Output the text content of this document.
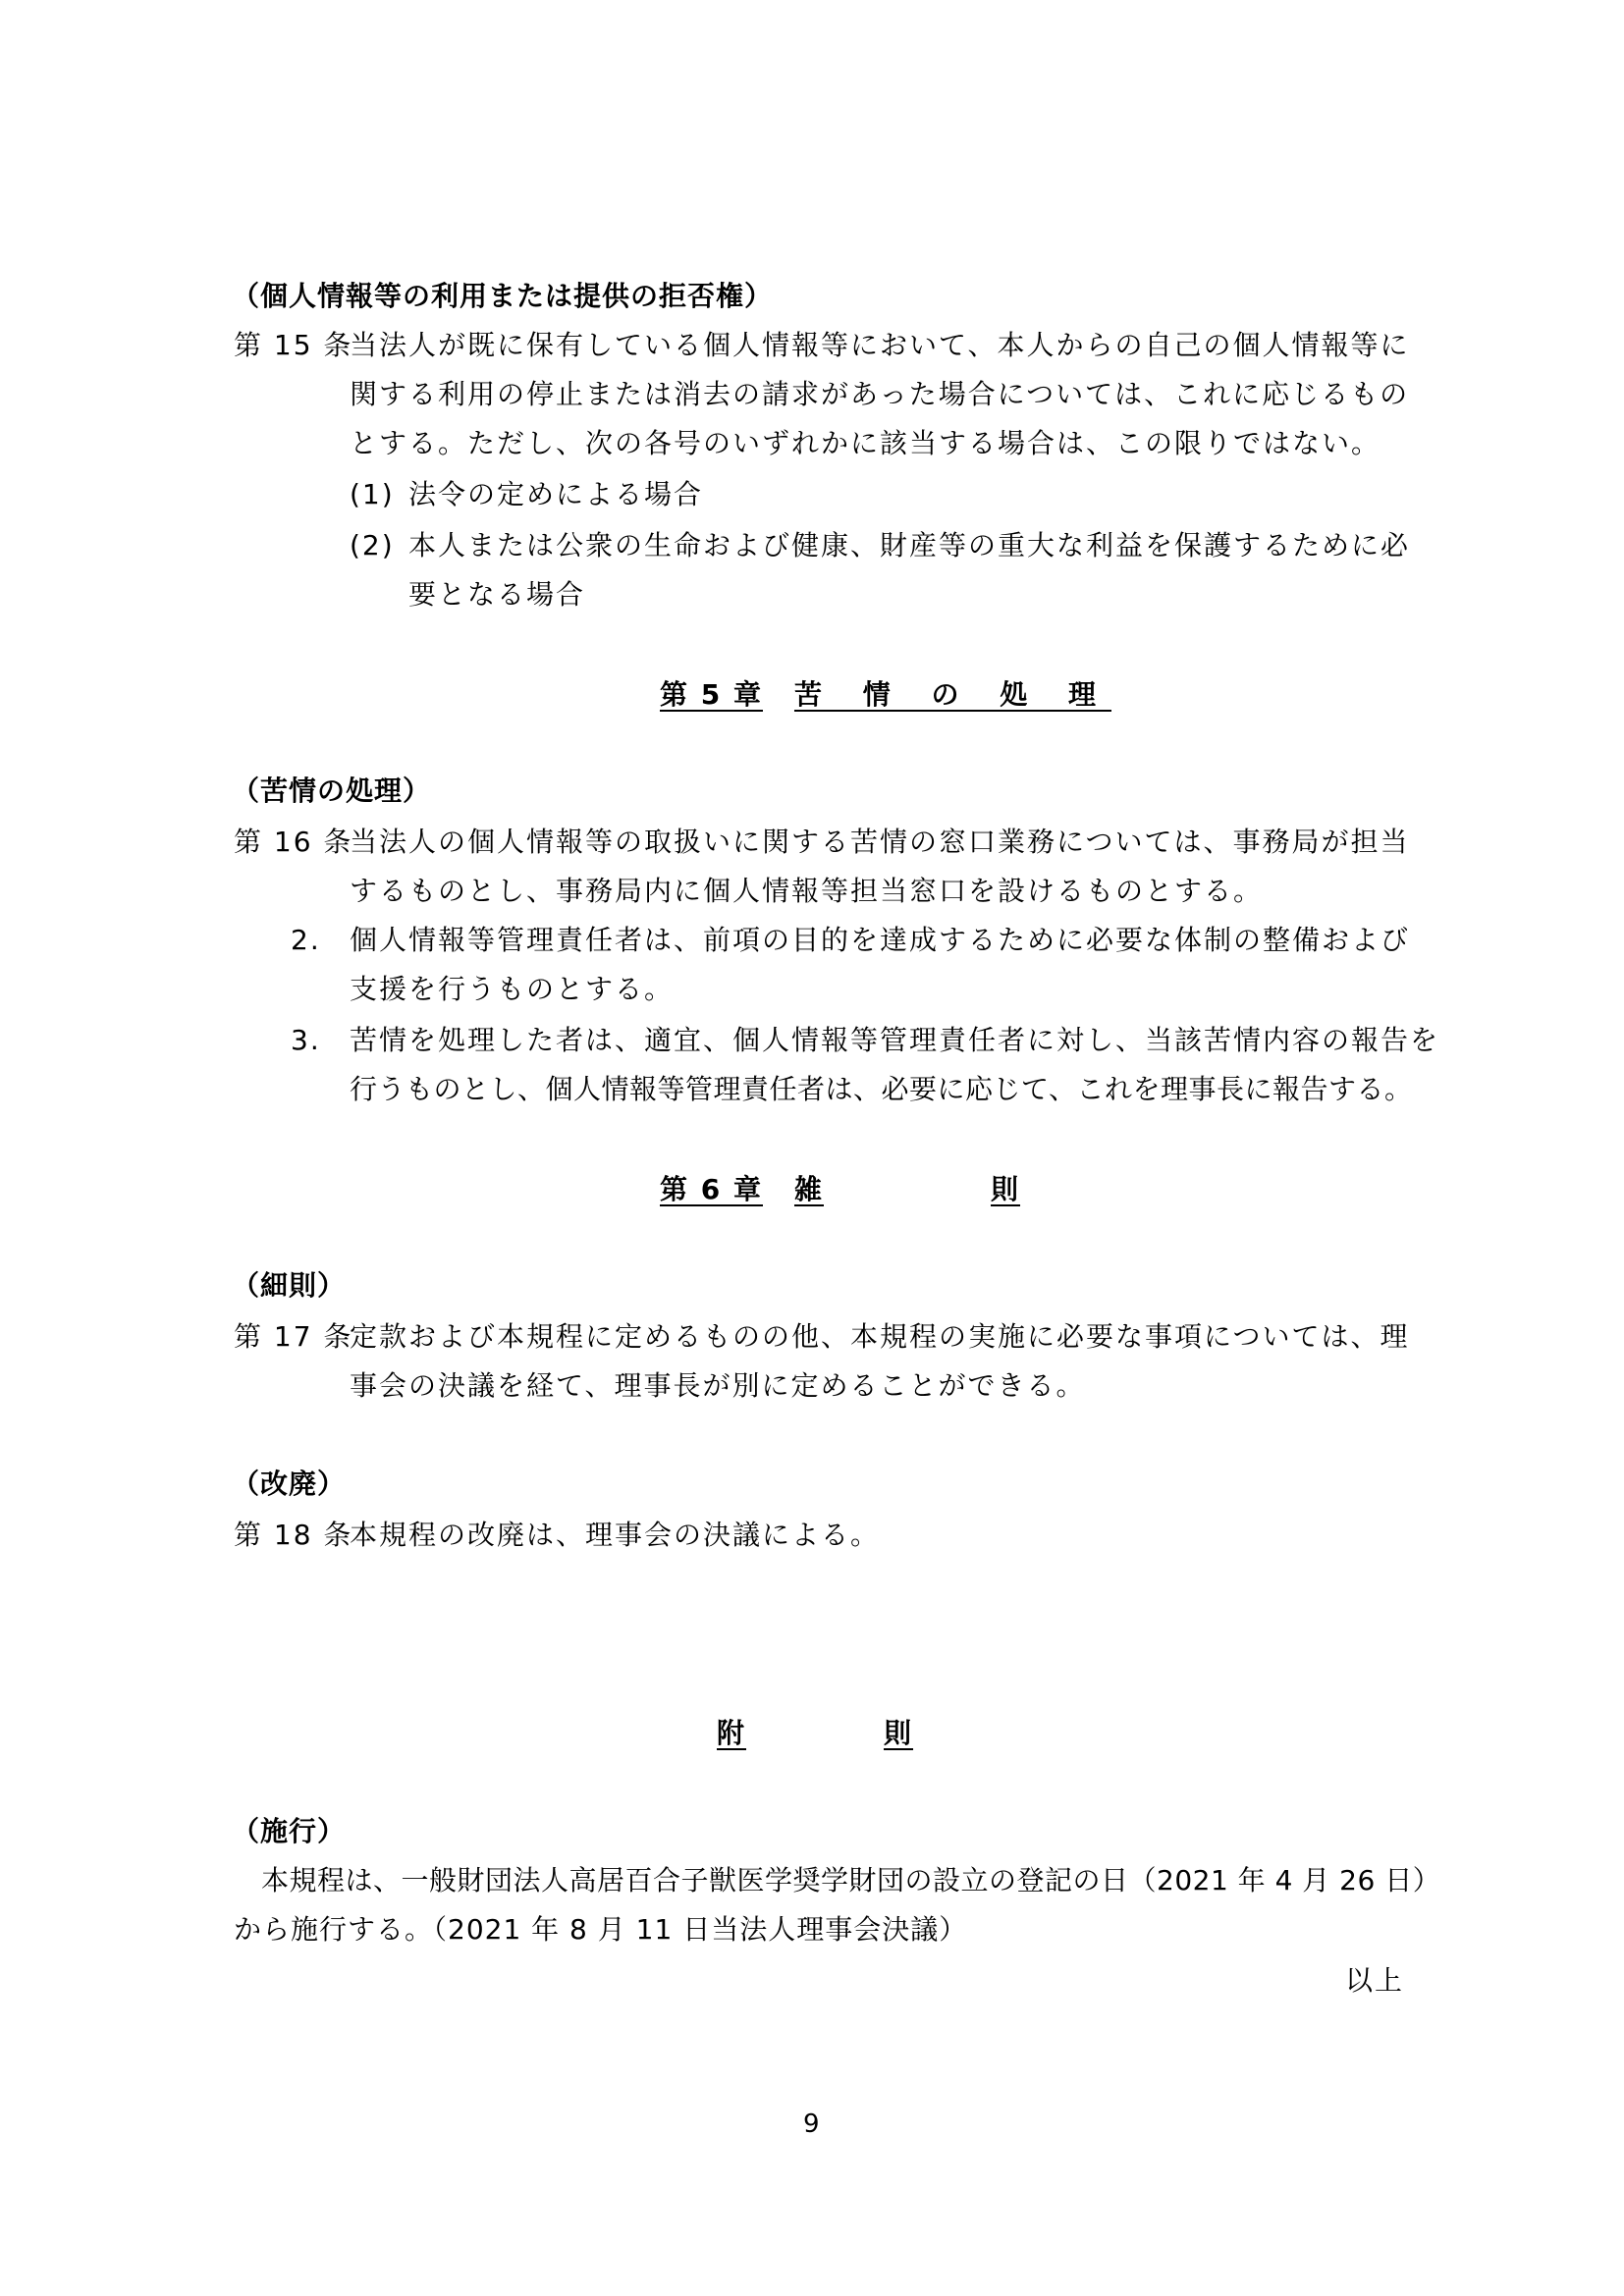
（個人情報等の利用または提供の拒否権）
第 15 条当法人が既に保有している個人情報等において、本人からの自己の個人情報等に
関する利用の停止または消去の請求があった場合については、これに応じるもの
とする。ただし、次の各号のいずれかに該当する場合は、この限りではない。
(1) 法令の定めによる場合
(2) 本人または公衆の生命および健康、財産等の重大な利益を保護するために必
要となる場合
第 5 章 苦 情 の 処 理
（苦情の処理）
第 16 条当法人の個人情報等の取扱いに関する苦情の窓口業務については、事務局が担当
するものとし、事務局内に個人情報等担当窓口を設けるものとする。
2. 個人情報等管理責任者は、前項の目的を達成するために必要な体制の整備および
支援を行うものとする。
3. 苦情を処理した者は、適宜、個人情報等管理責任者に対し、当該苦情内容の報告を
行うものとし、個人情報等管理責任者は、必要に応じて、これを理事長に報告する。
第 6 章 雑	則
（細則）
第 17 条定款および本規程に定めるものの他、本規程の実施に必要な事項については、理
事会の決議を経て、理事長が別に定めることができる。
（改廃）
第 18 条本規程の改廃は、理事会の決議による。
附	則
（施行）
本規程は、一般財団法人高居百合子獣医学奨学財団の設立の登記の日（2021 年 4 月 26 日）
から施行する。（2021 年 8 月 11 日当法人理事会決議）
以上
9
